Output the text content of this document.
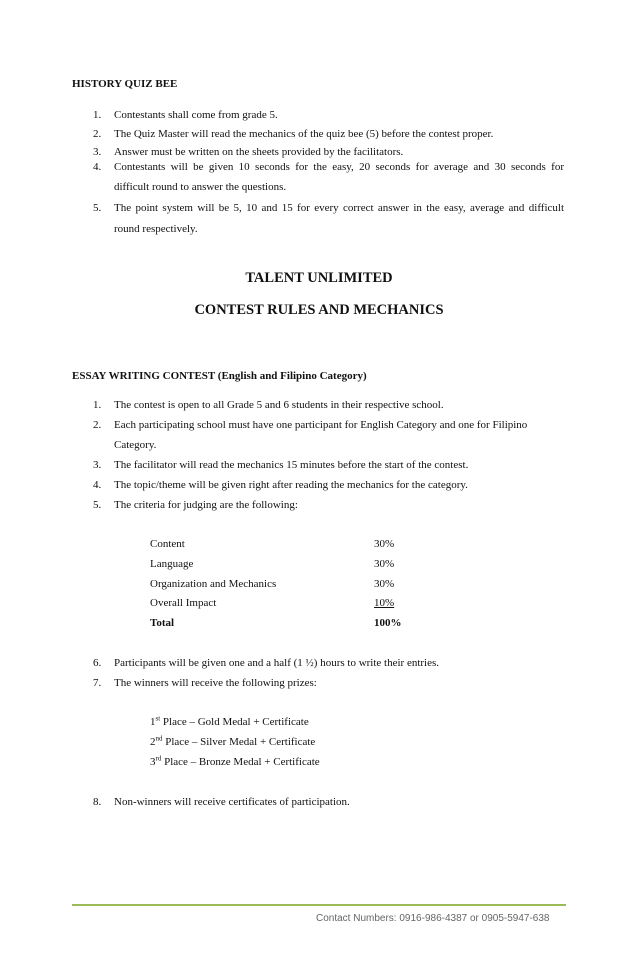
HISTORY QUIZ BEE
1. Contestants shall come from grade 5.
2. The Quiz Master will read the mechanics of the quiz bee (5) before the contest proper.
3. Answer must be written on the sheets provided by the facilitators.
4. Contestants will be given 10 seconds for the easy, 20 seconds for average and 30 seconds for
difficult round to answer the questions.
5. The point system will be 5, 10 and 15 for every correct answer in the easy, average and difficult
round respectively.
TALENT UNLIMITED
CONTEST RULES AND MECHANICS
ESSAY WRITING CONTEST (English and Filipino Category)
1. The contest is open to all Grade 5 and 6 students in their respective school.
2. Each participating school must have one participant for English Category and one for Filipino
Category.
3. The facilitator will read the mechanics 15 minutes before the start of the contest.
4. The topic/theme will be given right after reading the mechanics for the category.
5. The criteria for judging are the following:
Content	30%
Language	30%
Organization and Mechanics	30%
Overall Impact	10%
Total	100%
6. Participants will be given one and a half (1 ½) hours to write their entries.
7. The winners will receive the following prizes:
1st Place – Gold Medal + Certificate
2nd Place – Silver Medal + Certificate
3rd Place – Bronze Medal + Certificate
8. Non-winners will receive certificates of participation.
Contact Numbers: 0916-986-4387 or 0905-5947-638
